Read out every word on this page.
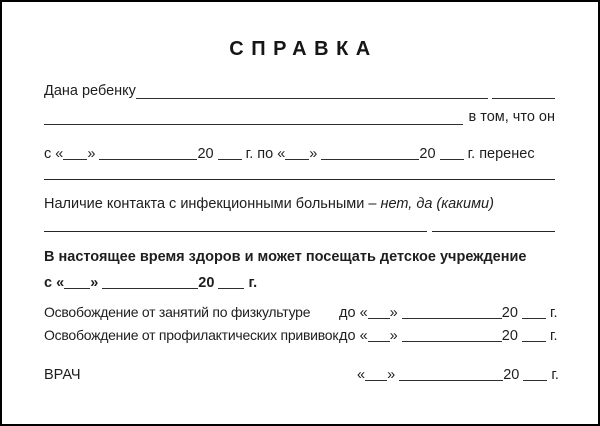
СПРАВКА
Дана ребенку
в том, что он
с « »	20 г. по « »	20 г. перенес
Наличие контакта с инфекционными больными – нет, да (какими)
В настоящее время здоров и может посещать детское учреждение
с « »	20 г.
Освобождение от занятий по физкультуре до « »	20 г.
Освобождение от профилактических прививок до « »	20 г.
ВРАЧ	« »	20 г.
